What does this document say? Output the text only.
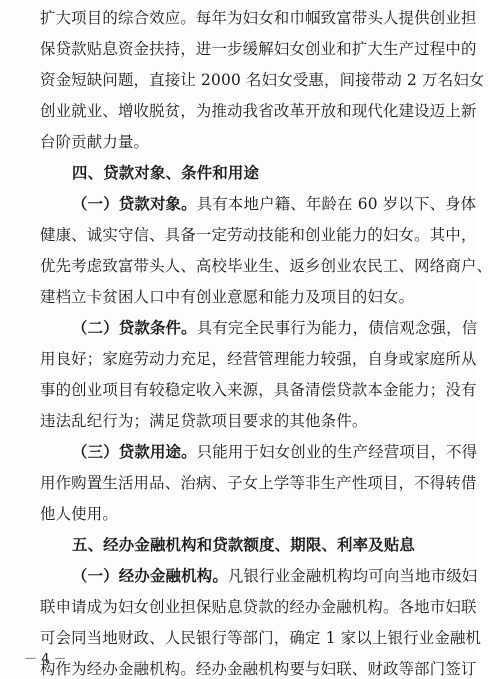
扩大项目的综合效应。每年为妇女和巾帼致富带头人提供创业担
保贷款贴息资金扶持，进一步缓解妇女创业和扩大生产过程中的
资金短缺问题，直接让 2000 名妇女受惠，间接带动 2 万名妇女
创业就业、增收脱贫，为推动我省改革开放和现代化建设迈上新
台阶贡献力量。
四、贷款对象、条件和用途
（一）贷款对象。具有本地户籍、年龄在 60 岁以下、身体
健康、诚实守信、具备一定劳动技能和创业能力的妇女。其中，
优先考虑致富带头人、高校毕业生、返乡创业农民工、网络商户、
建档立卡贫困人口中有创业意愿和能力及项目的妇女。
（二）贷款条件。具有完全民事行为能力，债信观念强，信
用良好；家庭劳动力充足，经营管理能力较强，自身或家庭所从
事的创业项目有较稳定收入来源，具备清偿贷款本金能力；没有
违法乱纪行为；满足贷款项目要求的其他条件。
（三）贷款用途。只能用于妇女创业的生产经营项目，不得
用作购置生活用品、治病、子女上学等非生产性项目，不得转借
他人使用。
五、经办金融机构和贷款额度、期限、利率及贴息
（一）经办金融机构。凡银行业金融机构均可向当地市级妇
联申请成为妇女创业担保贴息贷款的经办金融机构。各地市妇联
可会同当地财政、人民银行等部门，确定 1 家以上银行业金融机
构作为经办金融机构。经办金融机构要与妇联、财政等部门签订
－ 4 －
